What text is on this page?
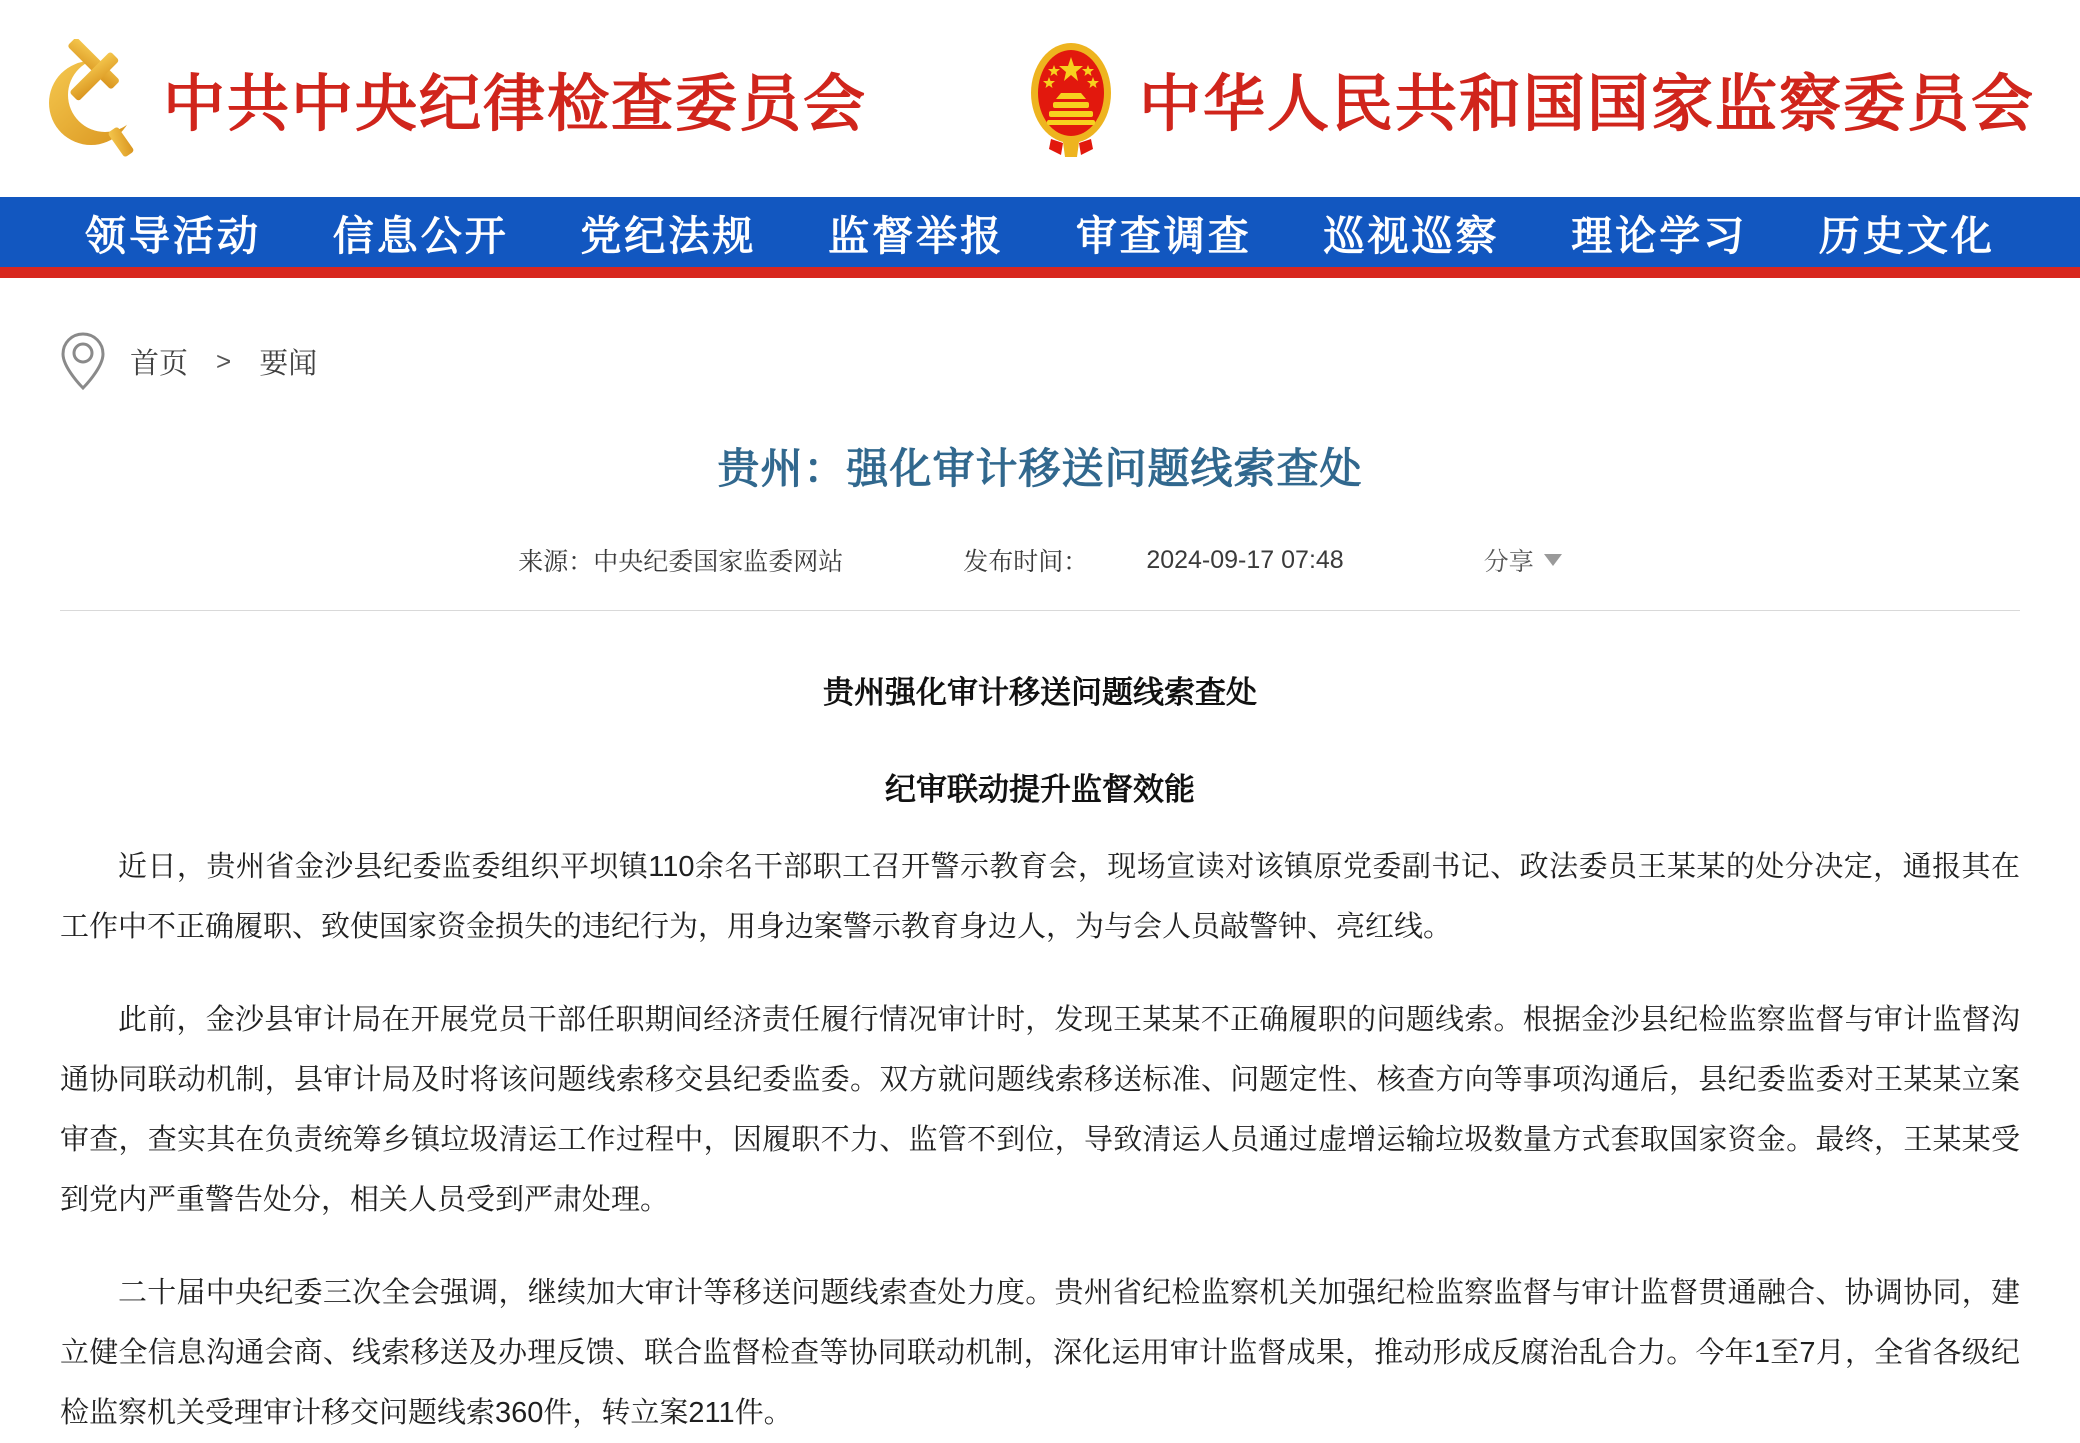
中共中央纪律检查委员会	中华人民共和国国家监察委员会
领导活动 信息公开 党纪法规 监督举报 审查调查 巡视巡察 理论学习 历史文化
首页 > 要闻
贵州：强化审计移送问题线索查处
来源： 中央纪委国家监委网站	发布时间： 2024-09-17 07:48	分享
贵州强化审计移送问题线索查处
纪审联动提升监督效能

近日，贵州省金沙县纪委监委组织平坝镇110余名干部职工召开警示教育会，现场宣读对该镇原党委副书记、政法委员王某某的处分决定，通报其在工作中不正确履职、致使国家资金损失的违纪行为，用身边案警示教育身边人，为与会人员敲警钟、亮红线。

此前，金沙县审计局在开展党员干部任职期间经济责任履行情况审计时，发现王某某不正确履职的问题线索。根据金沙县纪检监察监督与审计监督沟通协同联动机制，县审计局及时将该问题线索移交县纪委监委。双方就问题线索移送标准、问题定性、核查方向等事项沟通后，县纪委监委对王某某立案审查，查实其在负责统筹乡镇垃圾清运工作过程中，因履职不力、监管不到位，导致清运人员通过虚增运输垃圾数量方式套取国家资金。最终，王某某受到党内严重警告处分，相关人员受到严肃处理。

二十届中央纪委三次全会强调，继续加大审计等移送问题线索查处力度。贵州省纪检监察机关加强纪检监察监督与审计监督贯通融合、协调协同，建立健全信息沟通会商、线索移送及办理反馈、联合监督检查等协同联动机制，深化运用审计监督成果，推动形成反腐治乱合力。今年1至7月，全省各级纪检监察机关受理审计移交问题线索360件，转立案211件。
